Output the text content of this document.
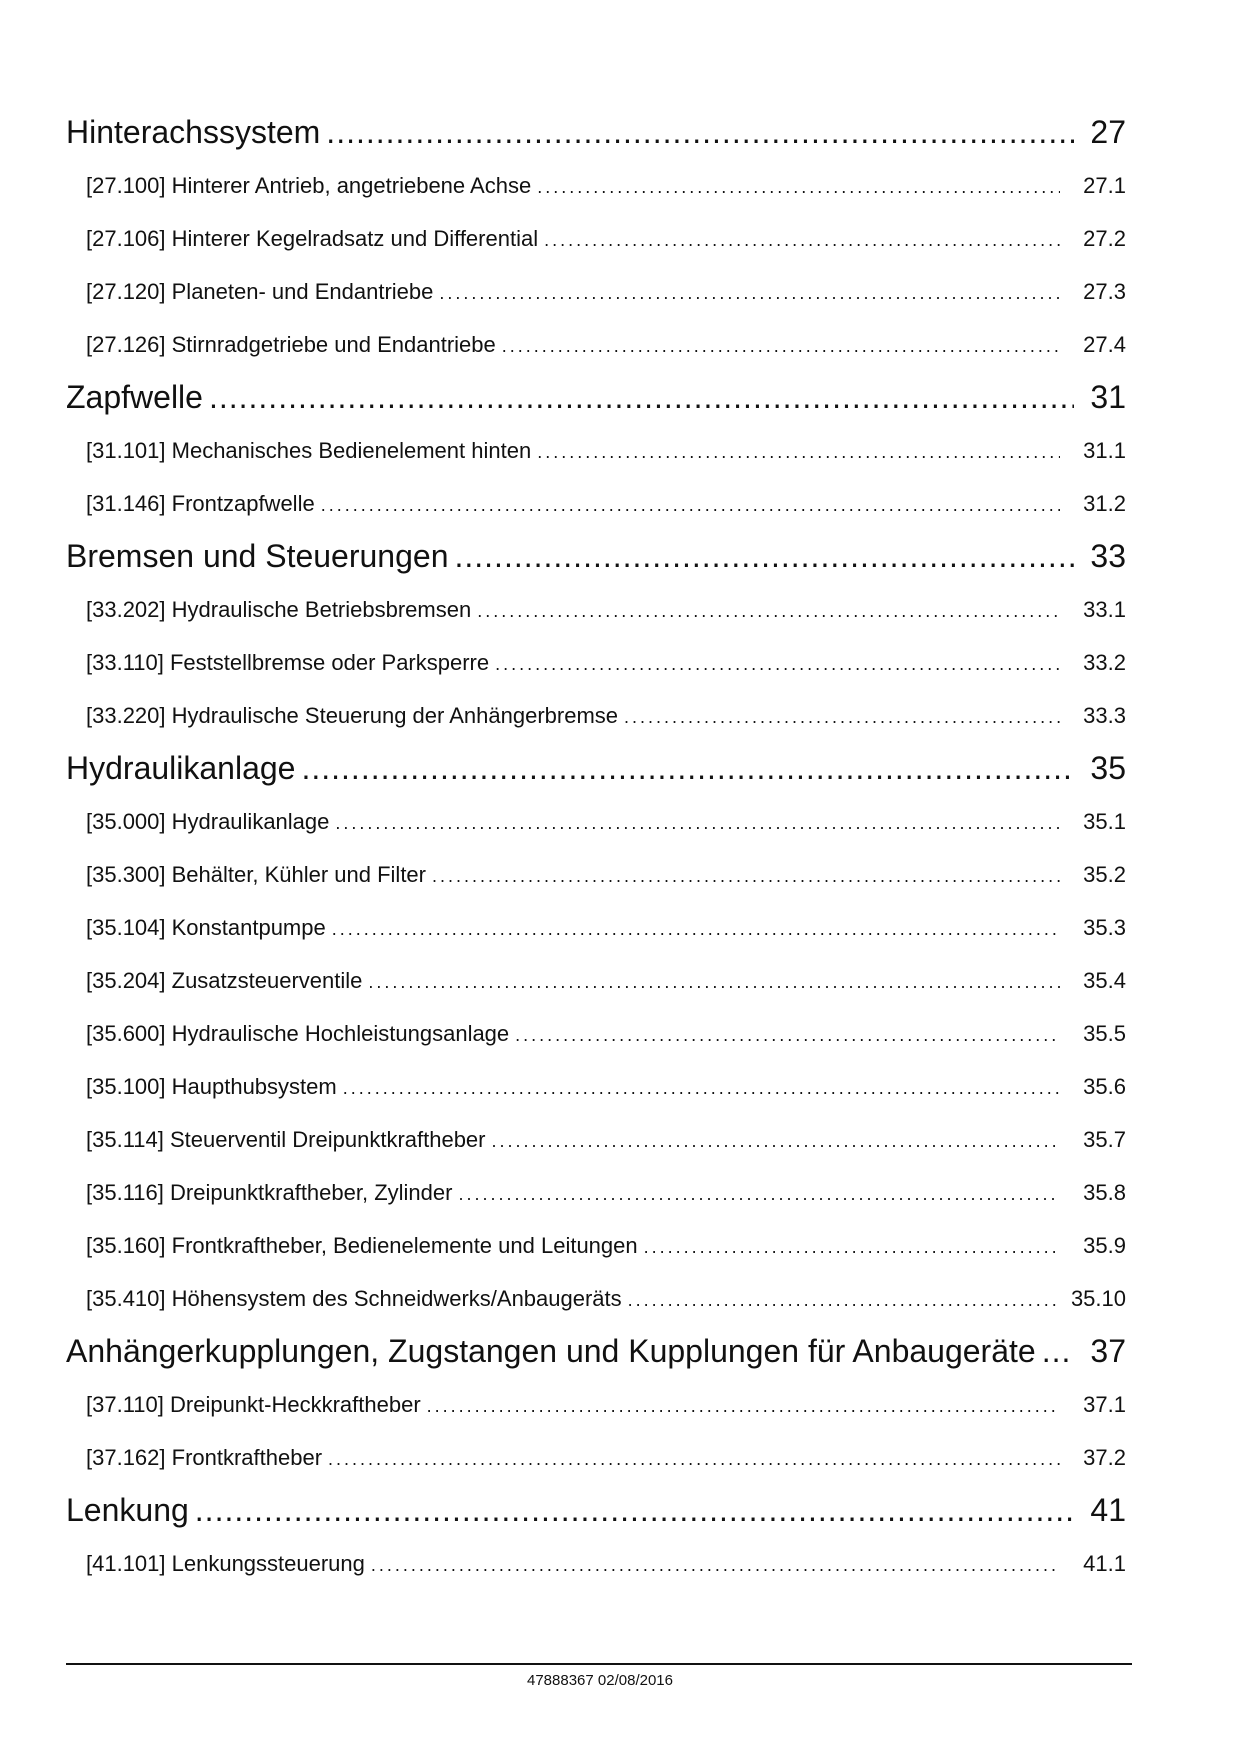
Hinterachssystem .....	27
[27.100] Hinterer Antrieb, angetriebene Achse .....	27.1
[27.106] Hinterer Kegelradsatz und Differential .....	27.2
[27.120] Planeten- und Endantriebe .....	27.3
[27.126] Stirnradgetriebe und Endantriebe .....	27.4
Zapfwelle .....	31
[31.101] Mechanisches Bedienelement hinten .....	31.1
[31.146] Frontzapfwelle .....	31.2
Bremsen und Steuerungen .....	33
[33.202] Hydraulische Betriebsbremsen .....	33.1
[33.110] Feststellbremse oder Parksperre .....	33.2
[33.220] Hydraulische Steuerung der Anhängerbremse .....	33.3
Hydraulikanlage .....	35
[35.000] Hydraulikanlage .....	35.1
[35.300] Behälter, Kühler und Filter .....	35.2
[35.104] Konstantpumpe .....	35.3
[35.204] Zusatzsteuerventile .....	35.4
[35.600] Hydraulische Hochleistungsanlage .....	35.5
[35.100] Haupthubsystem .....	35.6
[35.114] Steuerventil Dreipunktkraftheber .....	35.7
[35.116] Dreipunktkraftheber, Zylinder .....	35.8
[35.160] Frontkraftheber, Bedienelemente und Leitungen .....	35.9
[35.410] Höhensystem des Schneidwerks/Anbaugeräts .....	35.10
Anhängerkupplungen, Zugstangen und Kupplungen für Anbaugeräte .....	37
[37.110] Dreipunkt-Heckkraftheber .....	37.1
[37.162] Frontkraftheber .....	37.2
Lenkung .....	41
[41.101] Lenkungssteuerung .....	41.1
47888367 02/08/2016
